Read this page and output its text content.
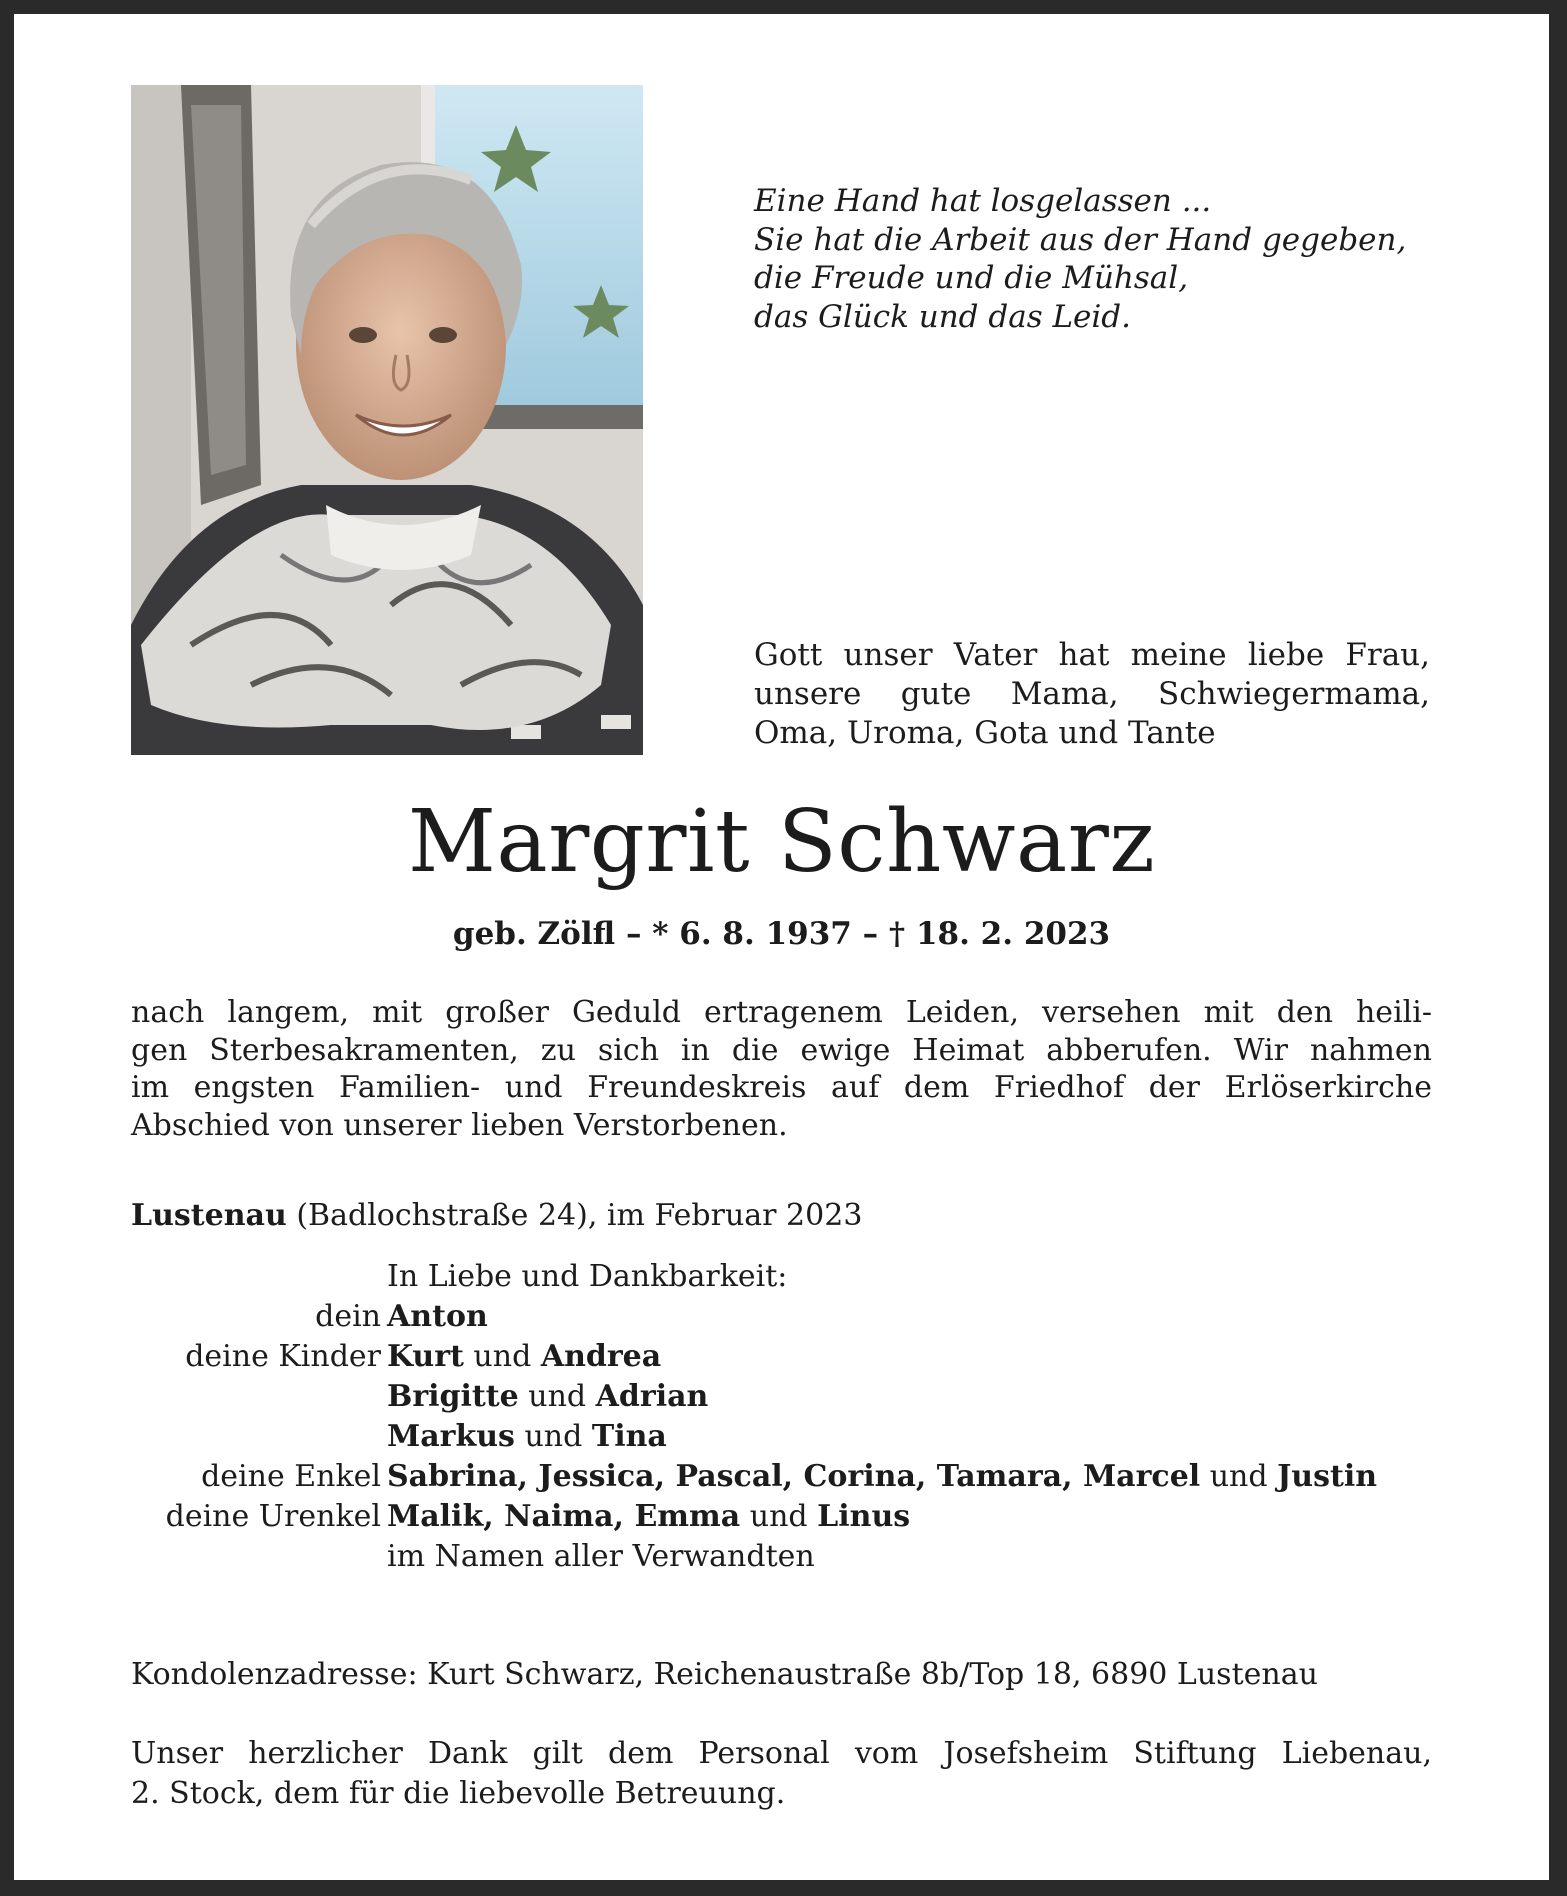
Eine Hand hat losgelassen ...
Sie hat die Arbeit aus der Hand gegeben,
die Freude und die Mühsal,
das Glück und das Leid.
Gott unser Vater hat meine liebe Frau,
unsere gute Mama, Schwiegermama,
Oma, Uroma, Gota und Tante
Margrit Schwarz
geb. Zölfl – * 6. 8. 1937 – † 18. 2. 2023
nach langem, mit großer Geduld ertragenem Leiden, versehen mit den heili-
gen Sterbesakramenten, zu sich in die ewige Heimat abberufen. Wir nahmen
im engsten Familien- und Freundeskreis auf dem Friedhof der Erlöserkirche
Abschied von unserer lieben Verstorbenen.
Lustenau (Badlochstraße 24), im Februar 2023
In Liebe und Dankbarkeit:
dein Anton
deine Kinder Kurt und Andrea
Brigitte und Adrian
Markus und Tina
deine Enkel Sabrina, Jessica, Pascal, Corina, Tamara, Marcel und Justin
deine Urenkel Malik, Naima, Emma und Linus
im Namen aller Verwandten
Kondolenzadresse: Kurt Schwarz, Reichenaustraße 8b/Top 18, 6890 Lustenau
Unser herzlicher Dank gilt dem Personal vom Josefsheim Stiftung Liebenau,
2. Stock, dem für die liebevolle Betreuung.
